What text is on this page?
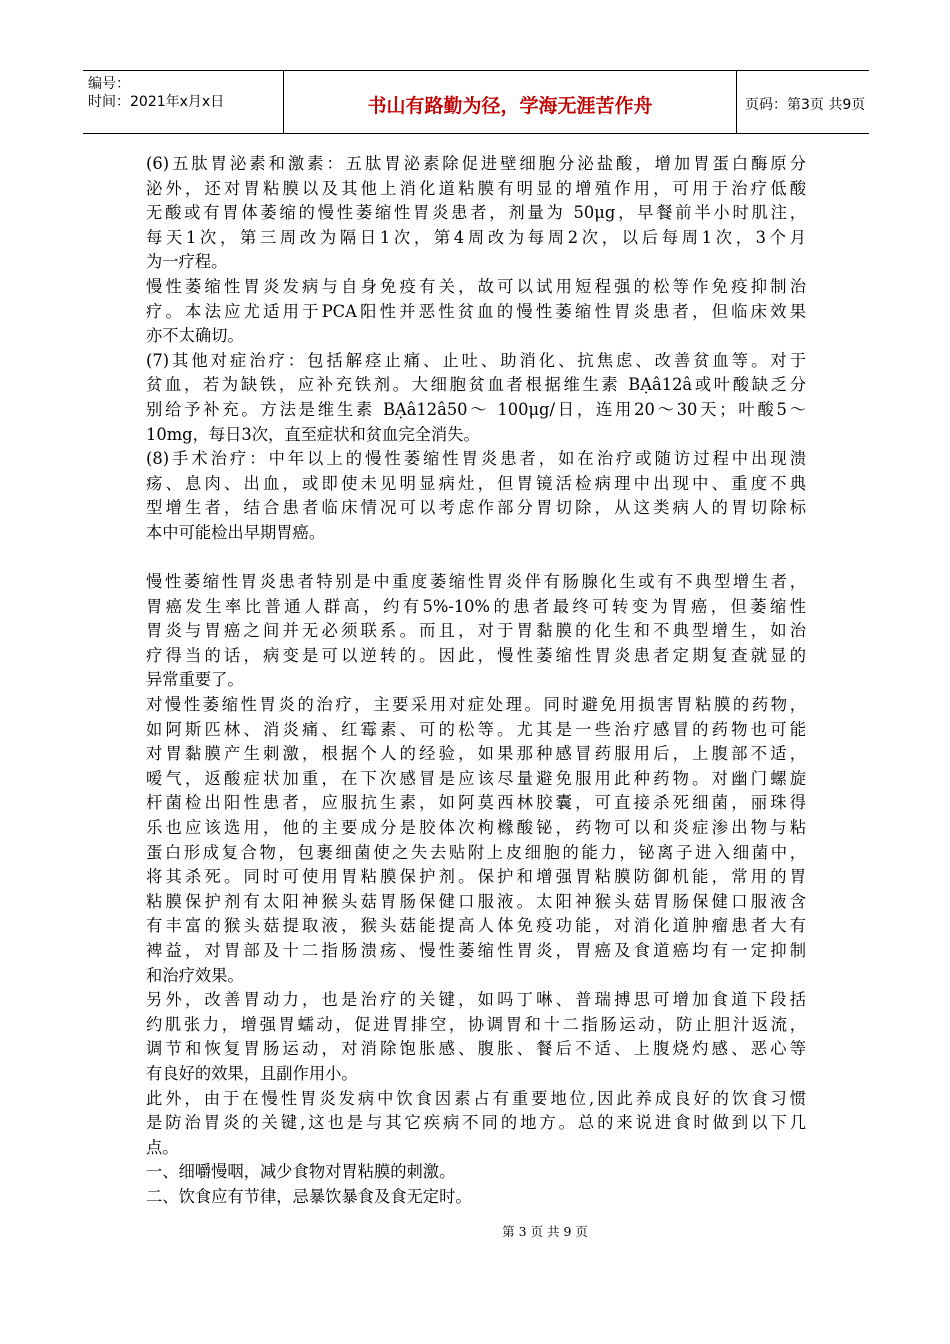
编号：
时间：2021年x月x日	书山有路勤为径，学海无涯苦作舟	页码：第3页 共9页
(6)五肽胃泌素和激素：五肽胃泌素除促进壁细胞分泌盐酸，增加胃蛋白酶原分
泌外，还对胃粘膜以及其他上消化道粘膜有明显的增殖作用，可用于治疗低酸
无酸或有胃体萎缩的慢性萎缩性胃炎患者，剂量为 50μg，早餐前半小时肌注，
每天1次，第三周改为隔日1次，第4周改为每周2次，以后每周1次，3个月
为一疗程。
慢性萎缩性胃炎发病与自身免疫有关，故可以试用短程强的松等作免疫抑制治
疗。本法应尤适用于PCA阳性并恶性贫血的慢性萎缩性胃炎患者，但临床效果
亦不太确切。
(7)其他对症治疗：包括解痉止痛、止吐、助消化、抗焦虑、改善贫血等。对于
贫血，若为缺铁，应补充铁剂。大细胞贫血者根据维生素 BẠâ12â或叶酸缺乏分
别给予补充。方法是维生素 BẠâ12â50～ 100μg/日，连用20～30天；叶酸5～
10mg，每日3次，直至症状和贫血完全消失。
(8)手术治疗：中年以上的慢性萎缩性胃炎患者，如在治疗或随访过程中出现溃
疡、息肉、出血，或即使未见明显病灶，但胃镜活检病理中出现中、重度不典
型增生者，结合患者临床情况可以考虑作部分胃切除，从这类病人的胃切除标
本中可能检出早期胃癌。
慢性萎缩性胃炎患者特别是中重度萎缩性胃炎伴有肠腺化生或有不典型增生者，
胃癌发生率比普通人群高，约有5%-10%的患者最终可转变为胃癌，但萎缩性
胃炎与胃癌之间并无必须联系。而且，对于胃黏膜的化生和不典型增生，如治
疗得当的话，病变是可以逆转的。因此，慢性萎缩性胃炎患者定期复查就显的
异常重要了。
对慢性萎缩性胃炎的治疗，主要采用对症处理。同时避免用损害胃粘膜的药物，
如阿斯匹林、消炎痛、红霉素、可的松等。尤其是一些治疗感冒的药物也可能
对胃黏膜产生刺激，根据个人的经验，如果那种感冒药服用后，上腹部不适，
嗳气，返酸症状加重，在下次感冒是应该尽量避免服用此种药物。对幽门螺旋
杆菌检出阳性患者，应服抗生素，如阿莫西林胶囊，可直接杀死细菌，丽珠得
乐也应该选用，他的主要成分是胶体次枸橼酸铋，药物可以和炎症渗出物与粘
蛋白形成复合物，包裹细菌使之失去贴附上皮细胞的能力，铋离子进入细菌中，
将其杀死。同时可使用胃粘膜保护剂。保护和增强胃粘膜防御机能，常用的胃
粘膜保护剂有太阳神猴头菇胃肠保健口服液。太阳神猴头菇胃肠保健口服液含
有丰富的猴头菇提取液，猴头菇能提高人体免疫功能，对消化道肿瘤患者大有
裨益，对胃部及十二指肠溃疡、慢性萎缩性胃炎，胃癌及食道癌均有一定抑制
和治疗效果。
另外，改善胃动力，也是治疗的关键，如吗丁啉、普瑞搏思可增加食道下段括
约肌张力，增强胃蠕动，促进胃排空，协调胃和十二指肠运动，防止胆汁返流，
调节和恢复胃肠运动，对消除饱胀感、腹胀、餐后不适、上腹烧灼感、恶心等
有良好的效果，且副作用小。
此外，由于在慢性胃炎发病中饮食因素占有重要地位,因此养成良好的饮食习惯
是防治胃炎的关键,这也是与其它疾病不同的地方。总的来说进食时做到以下几
点。
一、细嚼慢咽，减少食物对胃粘膜的刺激。
二、饮食应有节律，忌暴饮暴食及食无定时。
第 3 页 共 9 页
